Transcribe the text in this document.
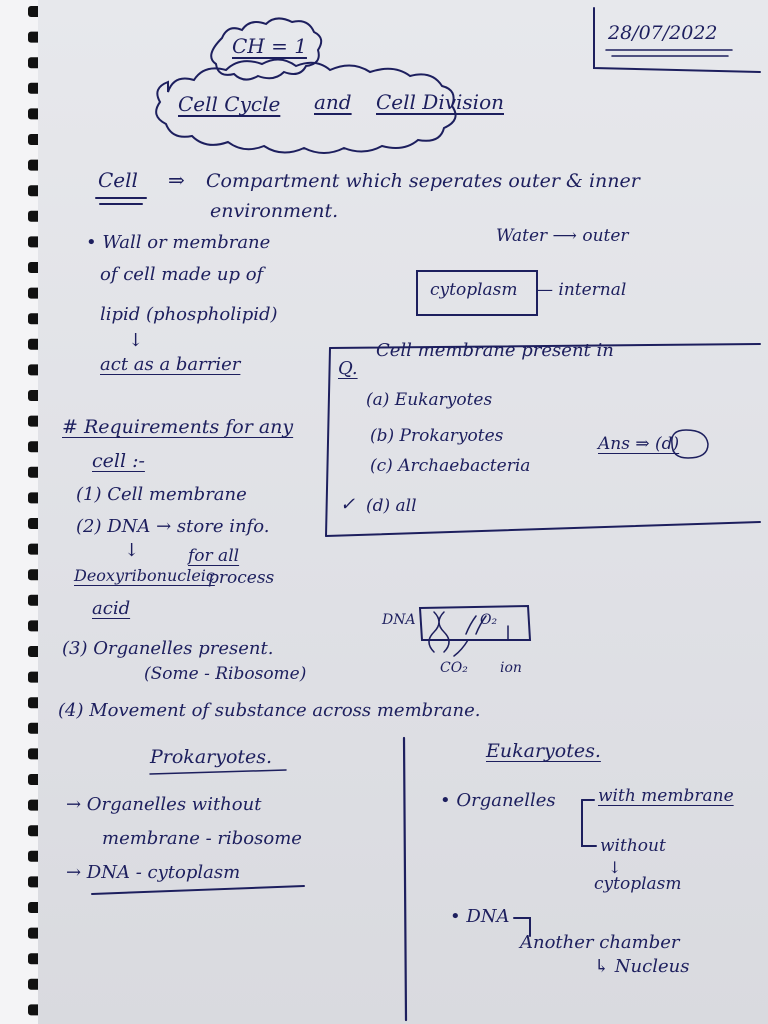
28/07/2022
CH = 1
Cell Cycle and Cell Division
Cell ⇒ Compartment which seperates outer & inner
environment.
Water ⟶ outer
cytoplasm — internal
• Wall or membrane
of cell made up of
lipid (phospholipid)
↓
act as a barrier	Q.
Cell membrane present in
(a) Eukaryotes
(b) Prokaryotes
(c) Archaebacteria
✓ (d) all
Ans ⇒ (d)
# Requirements for any
cell :-
(1) Cell membrane
(2) DNA → store info.
↓	for all
Deoxyribonucleic
process
acid
(3) Organelles present.
(Some - Ribosome)
(4) Movement of substance across membrane.
DNA	O₂
CO₂ ion
Prokaryotes.
→ Organelles without
membrane - ribosome
→ DNA - cytoplasm
Eukaryotes.
• Organelles with membrane
without
↓
cytoplasm
• DNA
Another chamber
↳ Nucleus
